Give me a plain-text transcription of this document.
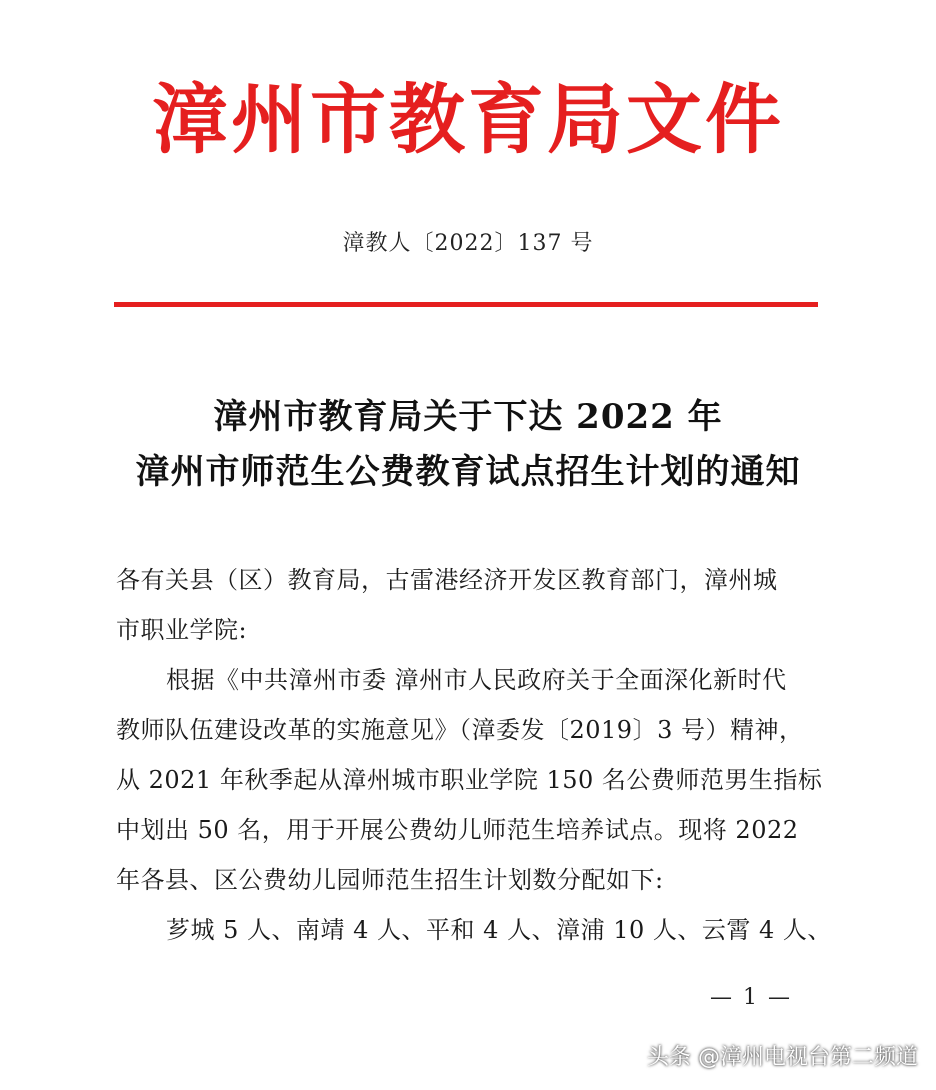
漳州市教育局文件
漳教人〔2022〕137 号
漳州市教育局关于下达 2022 年
漳州市师范生公费教育试点招生计划的通知
各有关县（区）教育局，古雷港经济开发区教育部门，漳州城
市职业学院:
根据《中共漳州市委 漳州市人民政府关于全面深化新时代
教师队伍建设改革的实施意见》（漳委发〔2019〕3 号）精神，
从 2021 年秋季起从漳州城市职业学院 150 名公费师范男生指标
中划出 50 名，用于开展公费幼儿师范生培养试点。现将 2022
年各县、区公费幼儿园师范生招生计划数分配如下:
芗城 5 人、南靖 4 人、平和 4 人、漳浦 10 人、云霄 4 人、
— 1 —
头条 @漳州电视台第二频道
